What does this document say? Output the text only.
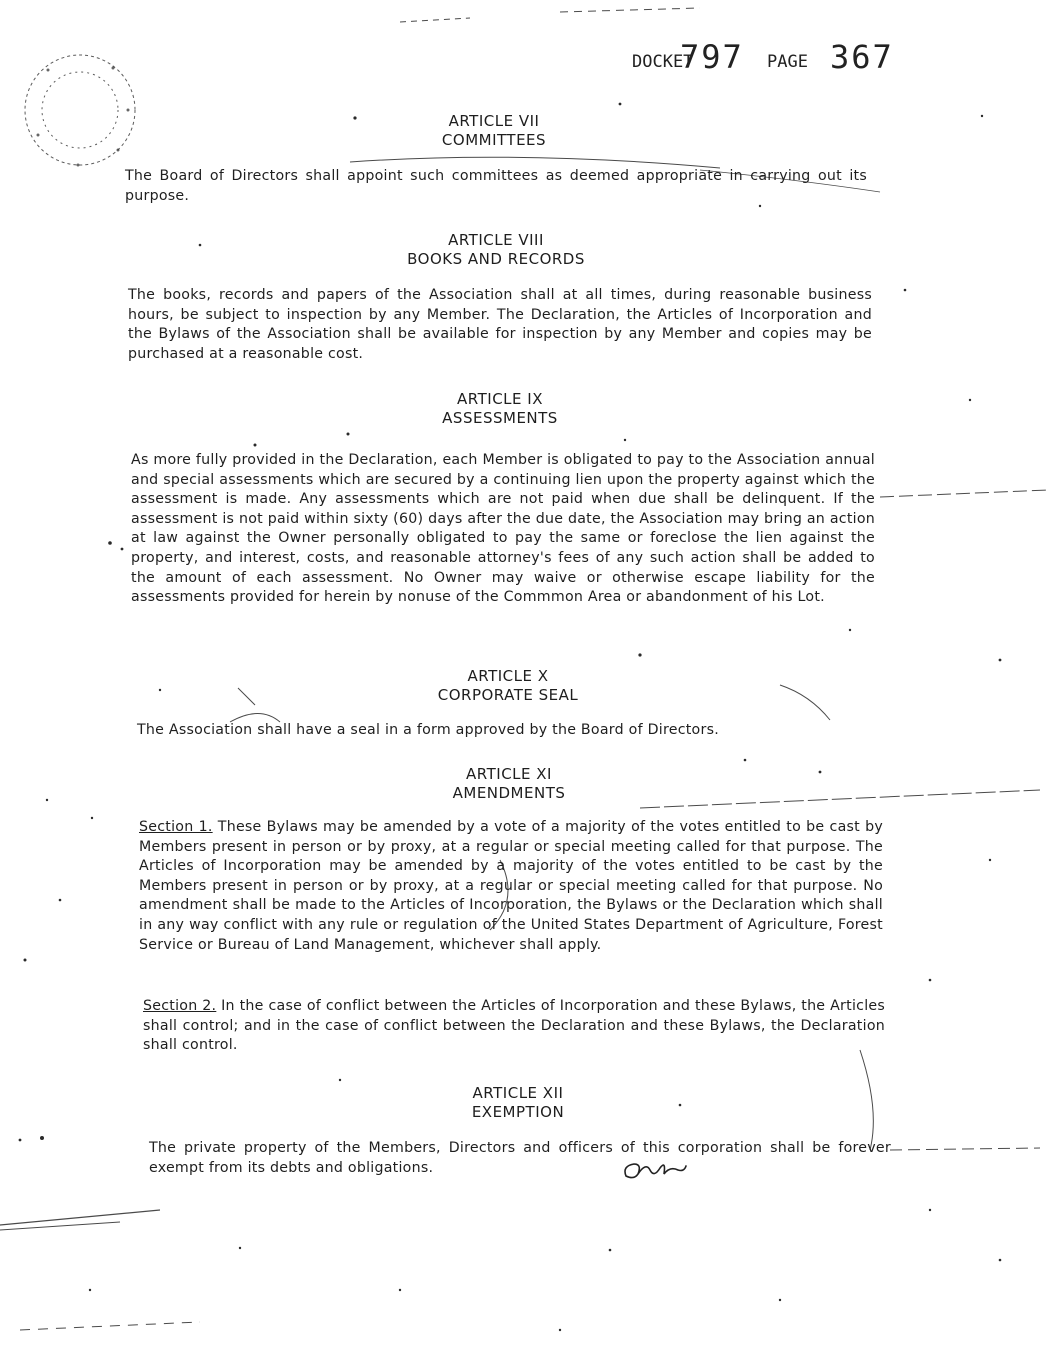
DOCKET
797 PAGE 367
ARTICLE VII
COMMITTEES

The Board of Directors shall appoint such committees as deemed appropriate in carrying out its purpose.

ARTICLE VIII
BOOKS AND RECORDS

The books, records and papers of the Association shall at all times, during reasonable business hours, be subject to inspection by any Member. The Declaration, the Articles of Incorporation and the Bylaws of the Association shall be available for inspection by any Member and copies may be purchased at a reasonable cost.

ARTICLE IX
ASSESSMENTS

As more fully provided in the Declaration, each Member is obligated to pay to the Association annual and special assessments which are secured by a continuing lien upon the property against which the assessment is made. Any assessments which are not paid when due shall be delinquent. If the assessment is not paid within sixty (60) days after the due date, the Association may bring an action at law against the Owner personally obligated to pay the same or foreclose the lien against the property, and interest, costs, and reasonable attorney's fees of any such action shall be added to the amount of each assessment. No Owner may waive or otherwise escape liability for the assessments provided for herein by nonuse of the Commmon Area or abandonment of his Lot.

ARTICLE X
CORPORATE SEAL

The Association shall have a seal in a form approved by the Board of Directors.

ARTICLE XI
AMENDMENTS

Section 1. These Bylaws may be amended by a vote of a majority of the votes entitled to be cast by Members present in person or by proxy, at a regular or special meeting called for that purpose. The Articles of Incorporation may be amended by a majority of the votes entitled to be cast by the Members present in person or by proxy, at a regular or special meeting called for that purpose. No amendment shall be made to the Articles of Incorporation, the Bylaws or the Declaration which shall in any way conflict with any rule or regulation of the United States Department of Agriculture, Forest Service or Bureau of Land Management, whichever shall apply.

Section 2. In the case of conflict between the Articles of Incorporation and these Bylaws, the Articles shall control; and in the case of conflict between the Declaration and these Bylaws, the Declaration shall control.

ARTICLE XII
EXEMPTION

The private property of the Members, Directors and officers of this corporation shall be forever exempt from its debts and obligations.
